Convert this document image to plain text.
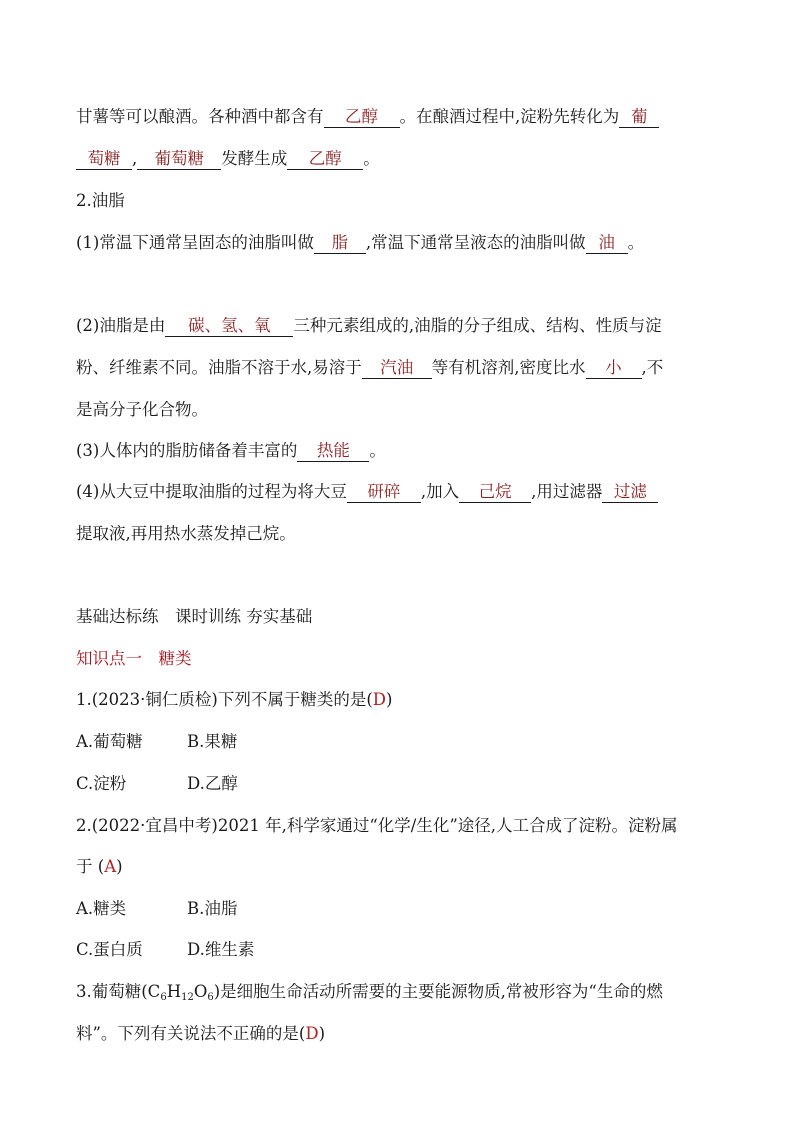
甘薯等可以酿酒。各种酒中都含有 乙醇 。在酿酒过程中,淀粉先转化为 葡
萄糖 , 葡萄糖 发酵生成 乙醇 。
2.油脂
(1)常温下通常呈固态的油脂叫做 脂 ,常温下通常呈液态的油脂叫做 油 。
(2)油脂是由 碳、氢、氧 三种元素组成的,油脂的分子组成、结构、性质与淀
粉、纤维素不同。油脂不溶于水,易溶于 汽油 等有机溶剂,密度比水 小 ,不
是高分子化合物。
(3)人体内的脂肪储备着丰富的 热能 。
(4)从大豆中提取油脂的过程为将大豆 研碎 ,加入 己烷 ,用过滤器 过滤
提取液,再用热水蒸发掉己烷。
基础达标练　课时训练 夯实基础
知识点一　糖类
1.(2023·铜仁质检)下列不属于糖类的是(D)
A.葡萄糖	B.果糖
C.淀粉	D.乙醇
2.(2022·宜昌中考)2021 年,科学家通过“化学/生化”途径,人工合成了淀粉。淀粉属
于 (A)
A.糖类	B.油脂
C.蛋白质	D.维生素
3.葡萄糖$(C_6H_{12}O_6)$是细胞生命活动所需要的主要能源物质,常被形容为“生命的燃
料”。下列有关说法不正确的是(D)
